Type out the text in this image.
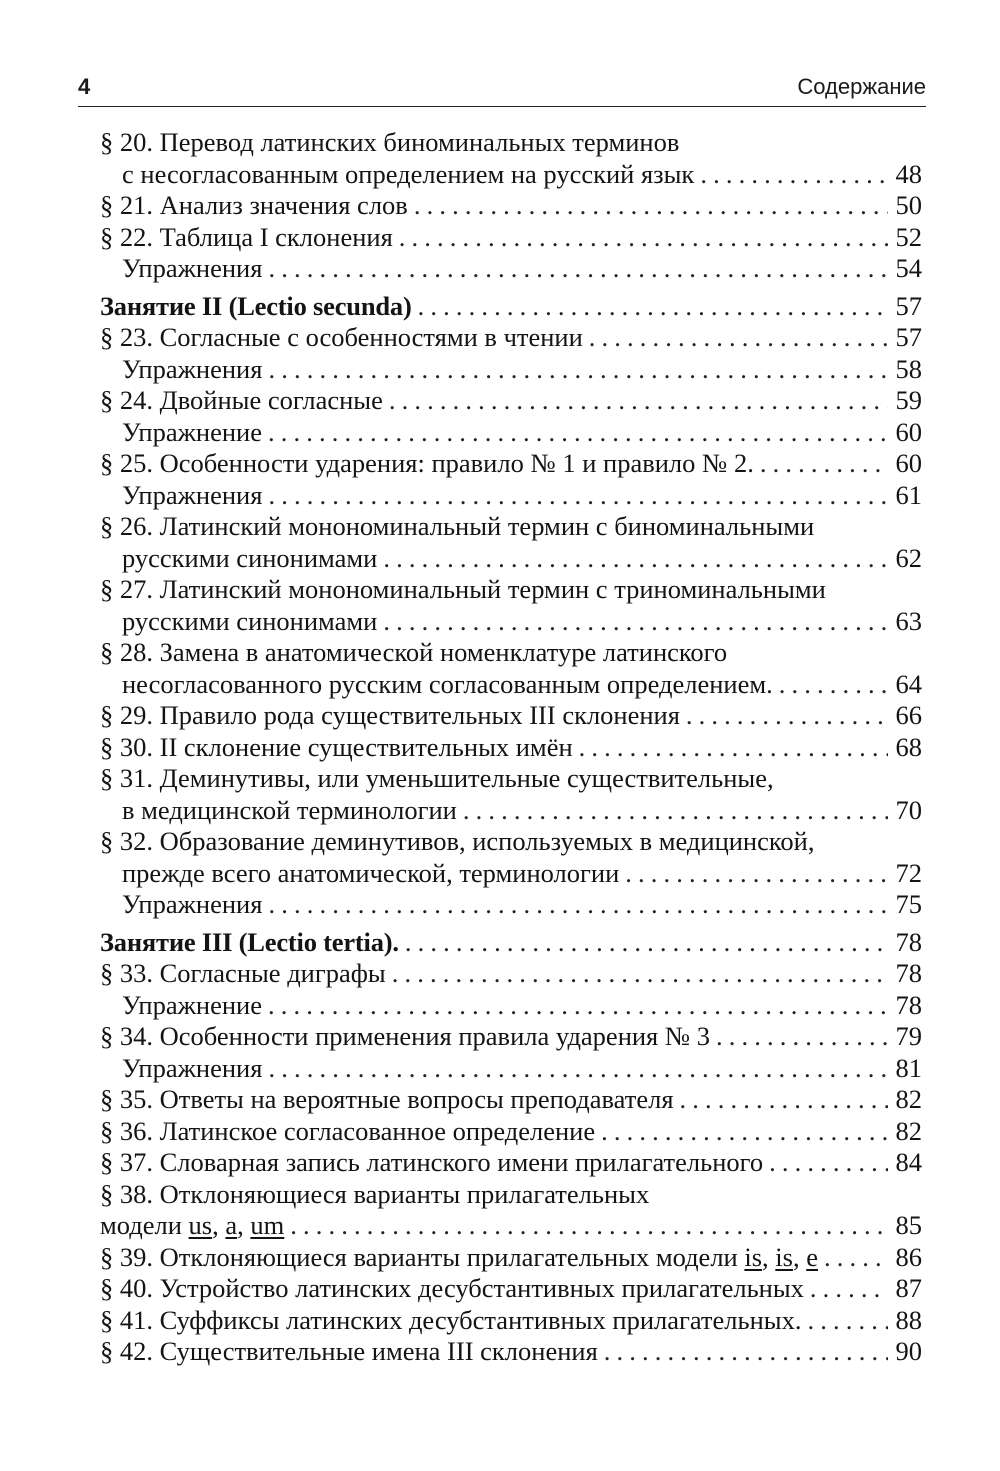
4	Содержание
§ 20. Перевод латинских биноминальных терминов
с несогласованным определением на русский язык . . .	48
§ 21. Анализ значения слов . . .	50
§ 22. Таблица I склонения . . .	52
Упражнения . . .	54
Занятие II (Lectio secunda) . . .	57
§ 23. Согласные с особенностями в чтении . . .	57
Упражнения . . .	58
§ 24. Двойные согласные . . .	59
Упражнение . . .	60
§ 25. Особенности ударения: правило № 1 и правило № 2. . . .	60
Упражнения . . .	61
§ 26. Латинский монономинальный термин с биноминальными
русскими синонимами . . .	62
§ 27. Латинский монономинальный термин с триноминальными
русскими синонимами . . .	63
§ 28. Замена в анатомической номенклатуре латинского
несогласованного русским согласованным определением. . . .	64
§ 29. Правило рода существительных III склонения . . .	66
§ 30. II склонение существительных имён . . .	68
§ 31. Деминутивы, или уменьшительные существительные,
в медицинской терминологии . . .	70
§ 32. Образование деминутивов, используемых в медицинской,
прежде всего анатомической, терминологии . . .	72
Упражнения . . .	75
Занятие III (Lectio tertia). . . .	78
§ 33. Согласные диграфы . . .	78
Упражнение . . .	78
§ 34. Особенности применения правила ударения № 3 . . .	79
Упражнения . . .	81
§ 35. Ответы на вероятные вопросы преподавателя . . .	82
§ 36. Латинское согласованное определение . . .	82
§ 37. Словарная запись латинского имени прилагательного . . .	84
§ 38. Отклоняющиеся варианты прилагательных
модели us, a, um . . .	85
§ 39. Отклоняющиеся варианты прилагательных модели is, is, e . . .	86
§ 40. Устройство латинских десубстантивных прилагательных . . .	87
§ 41. Суффиксы латинских десубстантивных прилагательных. . . .	88
§ 42. Существительные имена III склонения . . .	90
